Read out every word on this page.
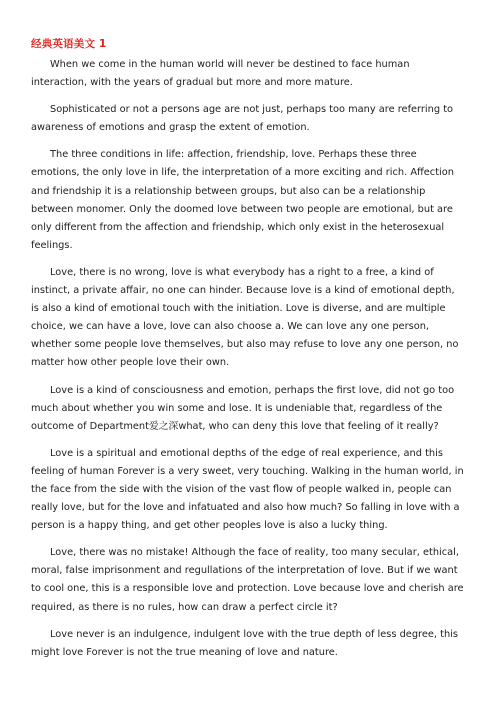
经典英语美文 1

When we come in the human world will never be destined to face human interaction, with the years of gradual but more and more mature.

Sophisticated or not a persons age are not just, perhaps too many are referring to awareness of emotions and grasp the extent of emotion.

The three conditions in life: affection, friendship, love. Perhaps these three emotions, the only love in life, the interpretation of a more exciting and rich. Affection and friendship it is a relationship between groups, but also can be a relationship between monomer. Only the doomed love between two people are emotional, but are only different from the affection and friendship, which only exist in the heterosexual feelings.

Love, there is no wrong, love is what everybody has a right to a free, a kind of instinct, a private affair, no one can hinder. Because love is a kind of emotional depth, is also a kind of emotional touch with the initiation. Love is diverse, and are multiple choice, we can have a love, love can also choose a. We can love any one person, whether some people love themselves, but also may refuse to love any one person, no matter how other people love their own.

Love is a kind of consciousness and emotion, perhaps the first love, did not go too much about whether you win some and lose. It is undeniable that, regardless of the outcome of Department爱之深what, who can deny this love that feeling of it really?

Love is a spiritual and emotional depths of the edge of real experience, and this feeling of human Forever is a very sweet, very touching. Walking in the human world, in the face from the side with the vision of the vast flow of people walked in, people can really love, but for the love and infatuated and also how much? So falling in love with a person is a happy thing, and get other peoples love is also a lucky thing.

Love, there was no mistake! Although the face of reality, too many secular, ethical, moral, false imprisonment and regullations of the interpretation of love. But if we want to cool one, this is a responsible love and protection. Love because love and cherish are required, as there is no rules, how can draw a perfect circle it?

Love never is an indulgence, indulgent love with the true depth of less degree, this might love Forever is not the true meaning of love and nature.
